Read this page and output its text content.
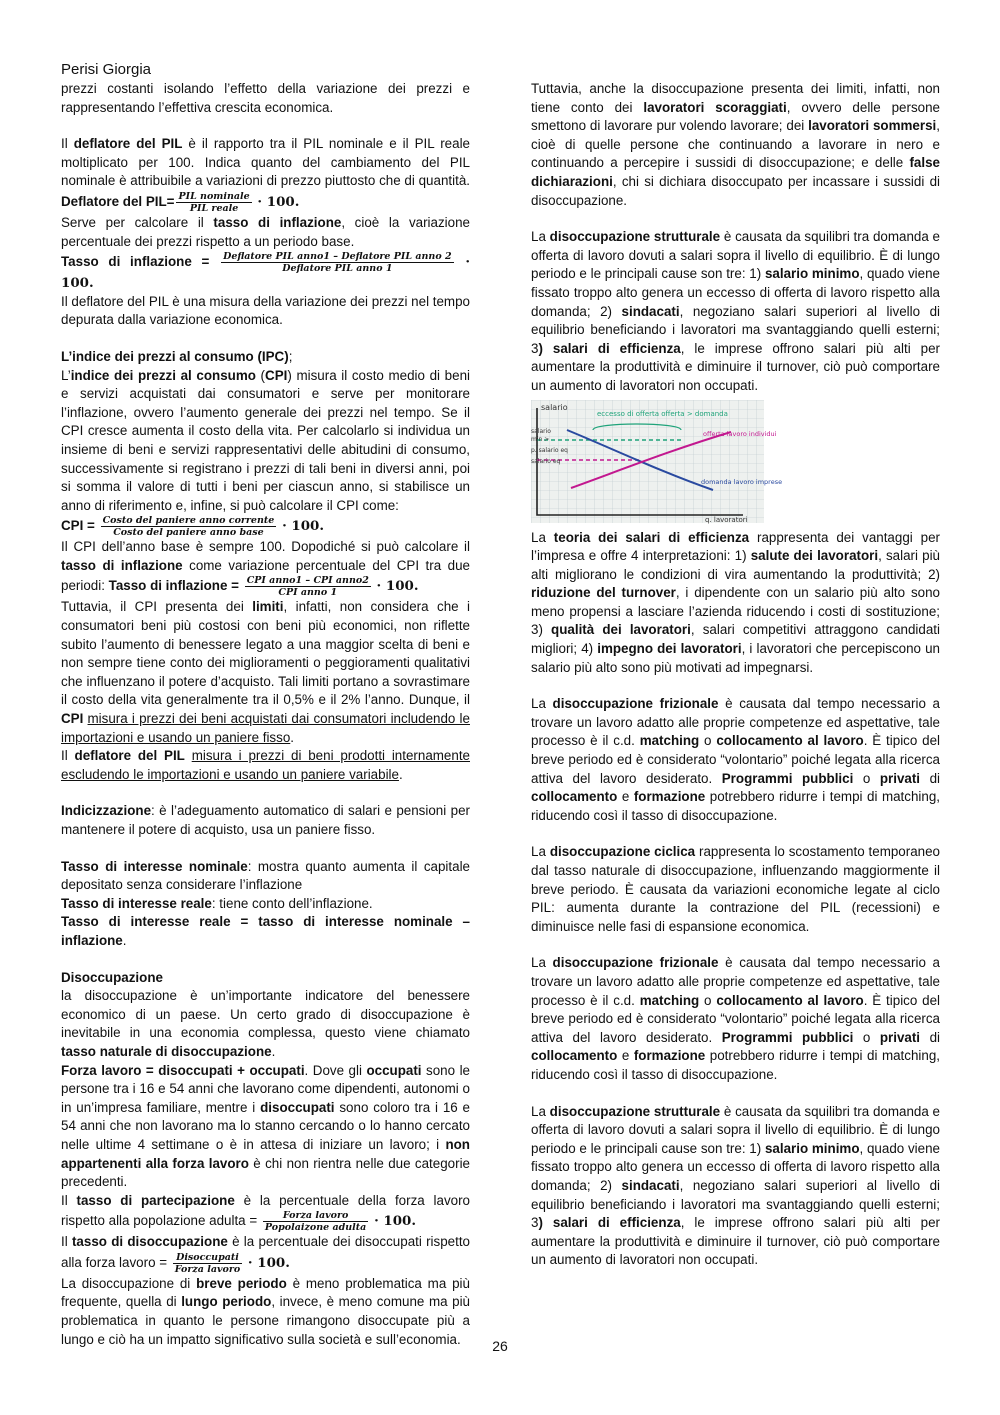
Perisi Giorgia

prezzi costanti isolando l’effetto della variazione dei prezzi e rappresentando l’effettiva crescita economica.

Il deflatore del PIL è il rapporto tra il PIL nominale e il PIL reale moltiplicato per 100. Indica quanto del cambiamento del PIL nominale è attribuibile a variazioni di prezzo piuttosto che di quantità. Deflatore del $PIL= \frac{\text{PIL nominale}}{\text{PIL reale}} \cdot 100$.

Serve per calcolare il tasso di inflazione, cioè la variazione percentuale dei prezzi rispetto a un periodo base.

Tasso di inflazione = $\frac{\text{Deflatore PIL anno1 – Deflatore PIL anno 2}}{\text{Deflatore PIL anno 1}} \cdot 100$.

Il deflatore del PIL è una misura della variazione dei prezzi nel tempo depurata dalla variazione economica.

L’indice dei prezzi al consumo (IPC);

L’indice dei prezzi al consumo (CPI) misura il costo medio di beni e servizi acquistati dai consumatori e serve per monitorare l’inflazione, ovvero l’aumento generale dei prezzi nel tempo. Se il CPI cresce aumenta il costo della vita. Per calcolarlo si individua un insieme di beni e servizi rappresentativi delle abitudini di consumo, successivamente si registrano i prezzi di tali beni in diversi anni, poi si somma il valore di tutti i beni per ciascun anno, si stabilisce un anno di riferimento e, infine, si può calcolare il CPI come:

CPI = $\frac{\text{Costo del paniere anno corrente}}{\text{Costo del paniere anno base}} \cdot 100$.

Il CPI dell’anno base è sempre 100. Dopodiché si può calcolare il tasso di inflazione come variazione percentuale del CPI tra due periodi: Tasso di inflazione = $\frac{\text{CPI anno1 – CPI anno2}}{\text{CPI anno 1}} \cdot 100$.

Tuttavia, il CPI presenta dei limiti, infatti, non considera che i consumatori beni più costosi con beni più economici, non riflette subito l’aumento di benessere legato a una maggior scelta di beni e non sempre tiene conto dei miglioramenti o peggioramenti qualitativi che influenzano il potere d’acquisto. Tali limiti portano a sovrastimare il costo della vita generalmente tra il 0,5% e il 2% l’anno. Dunque, il CPI misura i prezzi dei beni acquistati dai consumatori includendo le importazioni e usando un paniere fisso.

Il deflatore del PIL misura i prezzi di beni prodotti internamente escludendo le importazioni e usando un paniere variabile.

Indicizzazione: è l’adeguamento automatico di salari e pensioni per mantenere il potere di acquisto, usa un paniere fisso.

Tasso di interesse nominale: mostra quanto aumenta il capitale depositato senza considerare l’inflazione

Tasso di interesse reale: tiene conto dell’inflazione.

Tasso di interesse reale = tasso di interesse nominale – inflazione.

Disoccupazione

la disoccupazione è un’importante indicatore del benessere economico di un paese. Un certo grado di disoccupazione è inevitabile in una economia complessa, questo viene chiamato tasso naturale di disoccupazione.

Forza lavoro = disoccupati + occupati. Dove gli occupati sono le persone tra i 16 e 54 anni che lavorano come dipendenti, autonomi o in un’impresa familiare, mentre i disoccupati sono coloro tra i 16 e 54 anni che non lavorano ma lo stanno cercando o lo hanno cercato nelle ultime 4 settimane o è in attesa di iniziare un lavoro; i non appartenenti alla forza lavoro è chi non rientra nelle due categorie precedenti.

Il tasso di partecipazione è la percentuale della forza lavoro rispetto alla popolazione adulta = $\frac{\text{Forza lavoro}}{\text{Popolaizone adulta}} \cdot 100$.

Il tasso di disoccupazione è la percentuale dei disoccupati rispetto alla forza lavoro = $\frac{\text{Disoccupati}}{\text{Forza lavoro}} \cdot 100$.

La disoccupazione di breve periodo è meno problematica ma più frequente, quella di lungo periodo, invece, è meno comune ma più problematica in quanto le persone rimangono disoccupate più a lungo e ciò ha un impatto significativo sulla società e sull’economia.

Tuttavia, anche la disoccupazione presenta dei limiti, infatti, non tiene conto dei lavoratori scoraggiati, ovvero delle persone smettono di lavorare pur volendo lavorare; dei lavoratori sommersi, cioè di quelle persone che continuando a lavorare in nero e continuando a percepire i sussidi di disoccupazione; e delle false dichiarazioni, chi si dichiara disoccupato per incassare i sussidi di disoccupazione.

La disoccupazione strutturale è causata da squilibri tra domanda e offerta di lavoro dovuti a salari sopra il livello di equilibrio. È di lungo periodo e le principali cause son tre: 1) salario minimo, quado viene fissato troppo alto genera un eccesso di offerta di lavoro rispetto alla domanda; 2) sindacati, negoziano salari superiori al livello di equilibrio beneficiando i lavoratori ma svantaggiando quelli esterni; 3) salari di efficienza, le imprese offrono salari più alti per aumentare la produttività e diminuire il turnover, ciò può comportare un aumento di lavoratori non occupati.

salario
salario
min >
p. salario eq
salario eq
eccesso di offerta offerta > domanda
offerta lavoro individui
domanda lavoro imprese
q. lavoratori

La teoria dei salari di efficienza rappresenta dei vantaggi per l’impresa e offre 4 interpretazioni: 1) salute dei lavoratori, salari più alti migliorano le condizioni di vira aumentando la produttività; 2) riduzione del turnover, i dipendente con un salario più alto sono meno propensi a lasciare l’azienda riducendo i costi di sostituzione; 3) qualità dei lavoratori, salari competitivi attraggono candidati migliori; 4) impegno dei lavoratori, i lavoratori che percepiscono un salario più alto sono più motivati ad impegnarsi.

La disoccupazione frizionale è causata dal tempo necessario a trovare un lavoro adatto alle proprie competenze ed aspettative, tale processo è il c.d. matching o collocamento al lavoro. È tipico del breve periodo ed è considerato “volontario” poiché legata alla ricerca attiva del lavoro desiderato. Programmi pubblici o privati di collocamento e formazione potrebbero ridurre i tempi di matching, riducendo così il tasso di disoccupazione.

La disoccupazione ciclica rappresenta lo scostamento temporaneo dal tasso naturale di disoccupazione, influenzando maggiormente il breve periodo. È causata da variazioni economiche legate al ciclo PIL: aumenta durante la contrazione del PIL (recessioni) e diminuisce nelle fasi di espansione economica.

La disoccupazione frizionale è causata dal tempo necessario a trovare un lavoro adatto alle proprie competenze ed aspettative, tale processo è il c.d. matching o collocamento al lavoro. È tipico del breve periodo ed è considerato “volontario” poiché legata alla ricerca attiva del lavoro desiderato. Programmi pubblici o privati di collocamento e formazione potrebbero ridurre i tempi di matching, riducendo così il tasso di disoccupazione.

La disoccupazione strutturale è causata da squilibri tra domanda e offerta di lavoro dovuti a salari sopra il livello di equilibrio. È di lungo periodo e le principali cause son tre: 1) salario minimo, quado viene fissato troppo alto genera un eccesso di offerta di lavoro rispetto alla domanda; 2) sindacati, negoziano salari superiori al livello di equilibrio beneficiando i lavoratori ma svantaggiando quelli esterni; 3) salari di efficienza, le imprese offrono salari più alti per aumentare la produttività e diminuire il turnover, ciò può comportare un aumento di lavoratori non occupati.

26
